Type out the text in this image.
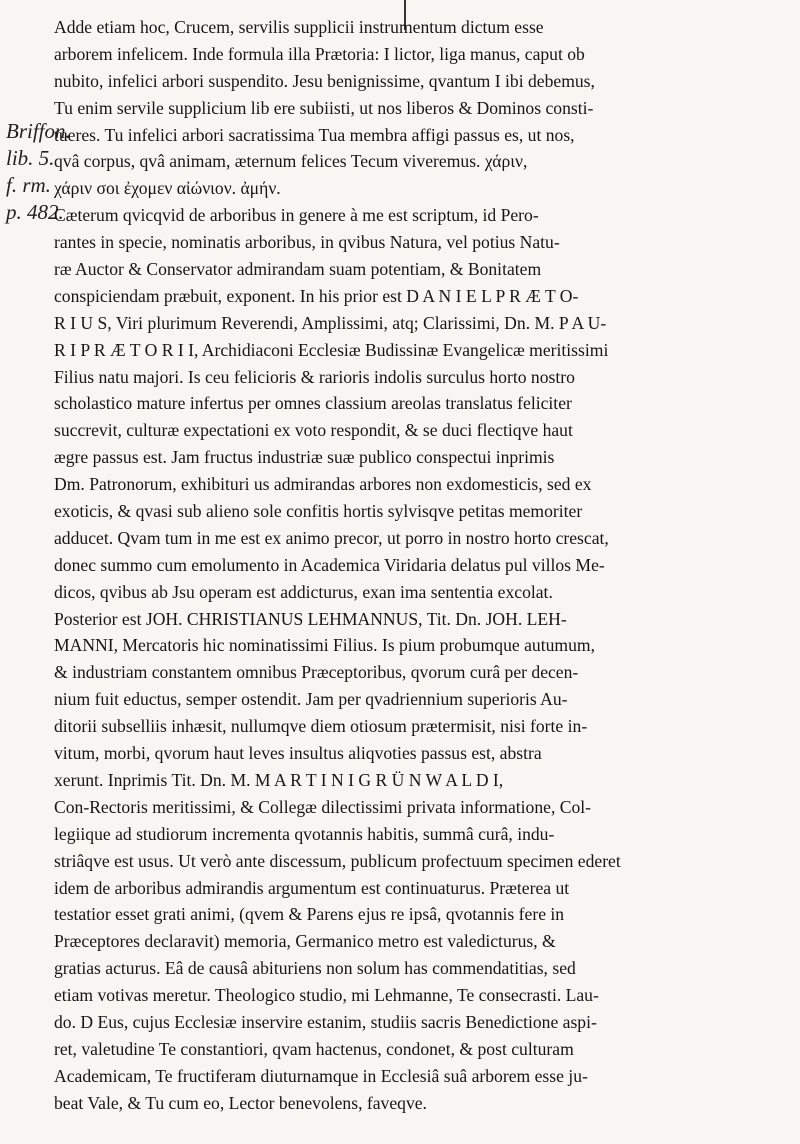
Briffon.
lib. 5.
f. rm.
p. 482.
Adde etiam hoc, Crucem, servilis supplicii instrumentum dictum esse
arborem infelicem. Inde formula illa Prætoria: I lictor, liga manus, caput ob
nubito, infelici arbori suspendito. Jesu benignissime, qvantum I ibi debemus,
Tu enim servile supplicium lib ere subiisti, ut nos liberos & Dominos consti-
tueres. Tu infelici arbori sacratissima Tua membra affigi passus es, ut nos,
qvâ corpus, qvâ animam, æternum felices Tecum viveremus. χάριν,
χάριν σοι ἐχομεν αἰώνιον. ἀμήν.
Cæterum qvicqvid de arboribus in genere à me est scriptum, id Pero-
rantes in specie, nominatis arboribus, in qvibus Natura, vel potius Natu-
ræ Auctor & Conservator admirandam suam potentiam, & Bonitatem
conspiciendam præbuit, exponent. In his prior est D A N I E L P R Æ T O-
R I U S, Viri plurimum Reverendi, Amplissimi, atq; Clarissimi, Dn. M. P A U-
R I P R Æ T O R I I, Archidiaconi Ecclesiæ Budissinæ Evangelicæ meritissimi
Filius natu majori. Is ceu felicioris & rarioris indolis surculus horto nostro
scholastico mature infertus per omnes classium areolas translatus feliciter
succrevit, culturæ expectationi ex voto respondit, & se duci flectiqve haut
ægre passus est. Jam fructus industriæ suæ publico conspectui inprimis
Dm. Patronorum, exhibituri us admirandas arbores non exdomesticis, sed ex
exoticis, & qvasi sub alieno sole confitis hortis sylvisqve petitas memoriter
adducet. Qvam tum in me est ex animo precor, ut porro in nostro horto crescat,
donec summo cum emolumento in Academica Viridaria delatus pul villos Me-
dicos, qvibus ab Jsu operam est addicturus, exan ima sententia excolat.
Posterior est JOH. CHRISTIANUS LEHMANNUS, Tit. Dn. JOH. LEH-
MANNI, Mercatoris hic nominatissimi Filius. Is pium probumque autumum,
& industriam constantem omnibus Præceptoribus, qvorum curâ per decen-
nium fuit eductus, semper ostendit. Jam per qvadriennium superioris Au-
ditorii subselliis inhæsit, nullumqve diem otiosum prætermisit, nisi forte in-
vitum, morbi, qvorum haut leves insultus aliqvoties passus est, abstra
xerunt. Inprimis Tit. Dn. M. M A R T I N I G R Ü N W A L D I,
Con-Rectoris meritissimi, & Collegæ dilectissimi privata informatione, Col-
legiique ad studiorum incrementa qvotannis habitis, summâ curâ, indu-
striâqve est usus. Ut verò ante discessum, publicum profectuum specimen ederet
idem de arboribus admirandis argumentum est continuaturus. Præterea ut
testatior esset grati animi, (qvem & Parens ejus re ipsâ, qvotannis fere in
Præceptores declaravit) memoria, Germanico metro est valedicturus, &
gratias acturus. Eâ de causâ abituriens non solum has commendatitias, sed
etiam votivas meretur. Theologico studio, mi Lehmanne, Te consecrasti. Lau-
do. D Eus, cujus Ecclesiæ inservire estanim, studiis sacris Benedictione aspi-
ret, valetudine Te constantiori, qvam hactenus, condonet, & post culturam
Academicam, Te fructiferam diuturnamque in Ecclesiâ suâ arborem esse ju-
beat Vale, & Tu cum eo, Lector benevolens, faveqve.
